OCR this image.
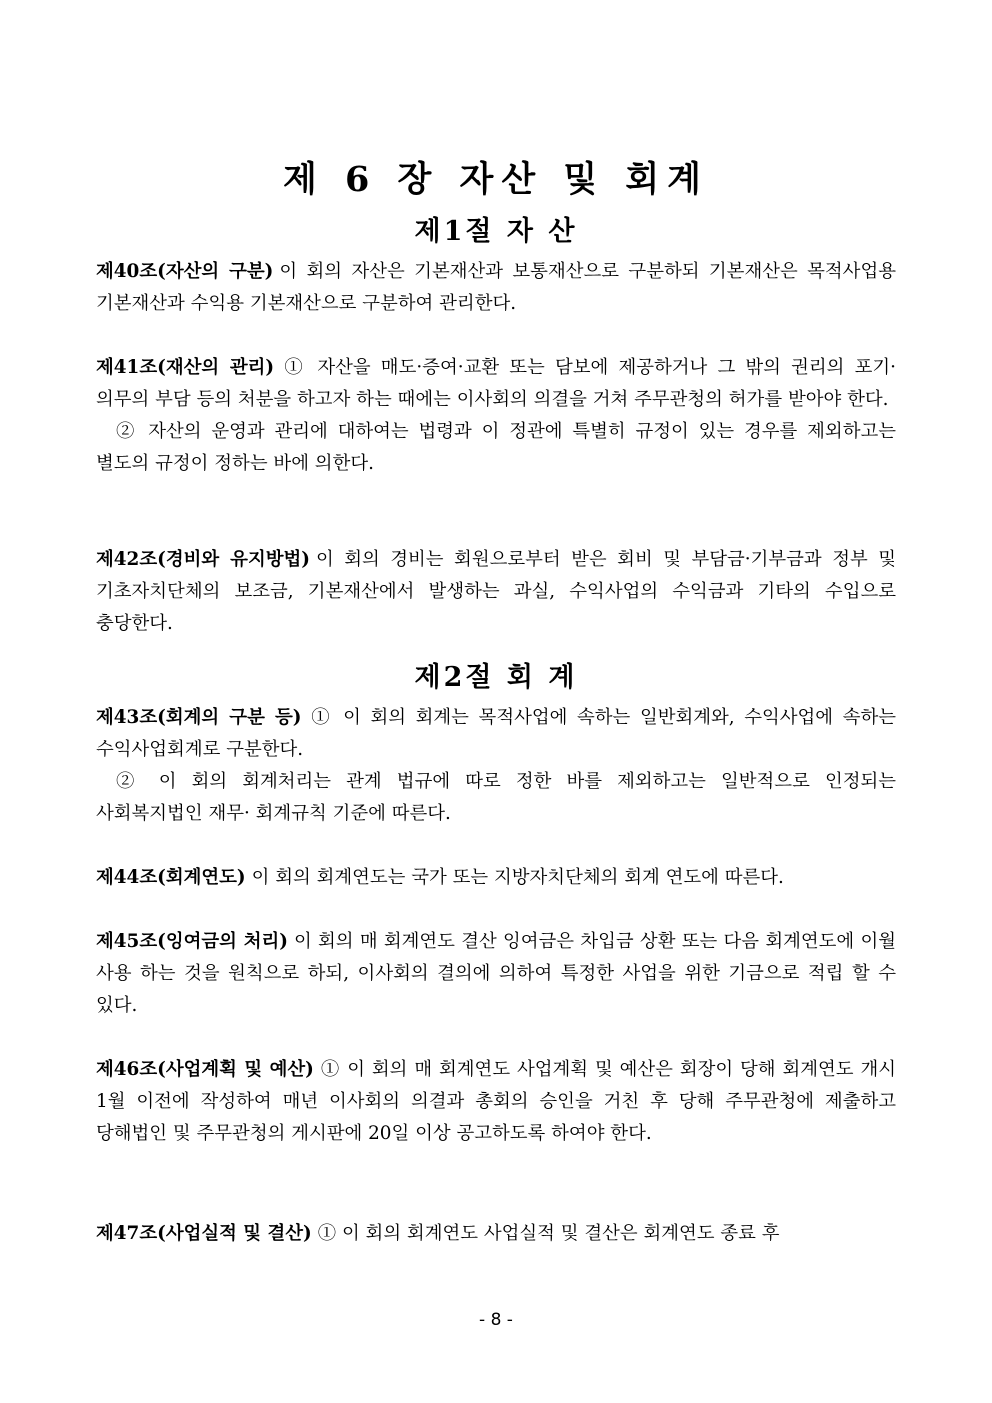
제 6 장 자산 및 회계
제1절 자 산

제40조(자산의 구분) 이 회의 자산은 기본재산과 보통재산으로 구분하되 기본재산은 목적사업용 기본재산과 수익용 기본재산으로 구분하여 관리한다.

제41조(재산의 관리) ① 자산을 매도·증여·교환 또는 담보에 제공하거나 그 밖의 권리의 포기·의무의 부담 등의 처분을 하고자 하는 때에는 이사회의 의결을 거쳐 주무관청의 허가를 받아야 한다.

② 자산의 운영과 관리에 대하여는 법령과 이 정관에 특별히 규정이 있는 경우를 제외하고는 별도의 규정이 정하는 바에 의한다.

제42조(경비와 유지방법) 이 회의 경비는 회원으로부터 받은 회비 및 부담금·기부금과 정부 및 기초자치단체의 보조금, 기본재산에서 발생하는 과실, 수익사업의 수익금과 기타의 수입으로 충당한다.

제2절 회 계

제43조(회계의 구분 등) ① 이 회의 회계는 목적사업에 속하는 일반회계와, 수익사업에 속하는 수익사업회계로 구분한다.

② 이 회의 회계처리는 관계 법규에 따로 정한 바를 제외하고는 일반적으로 인정되는 사회복지법인 재무· 회계규칙 기준에 따른다.

제44조(회계연도) 이 회의 회계연도는 국가 또는 지방자치단체의 회계 연도에 따른다.

제45조(잉여금의 처리) 이 회의 매 회계연도 결산 잉여금은 차입금 상환 또는 다음 회계연도에 이월 사용 하는 것을 원칙으로 하되, 이사회의 결의에 의하여 특정한 사업을 위한 기금으로 적립 할 수 있다.

제46조(사업계획 및 예산) ① 이 회의 매 회계연도 사업계획 및 예산은 회장이 당해 회계연도 개시 1월 이전에 작성하여 매년 이사회의 의결과 총회의 승인을 거친 후 당해 주무관청에 제출하고 당해법인 및 주무관청의 게시판에 20일 이상 공고하도록 하여야 한다.

제47조(사업실적 및 결산) ① 이 회의 회계연도 사업실적 및 결산은 회계연도 종료 후

- 8 -
